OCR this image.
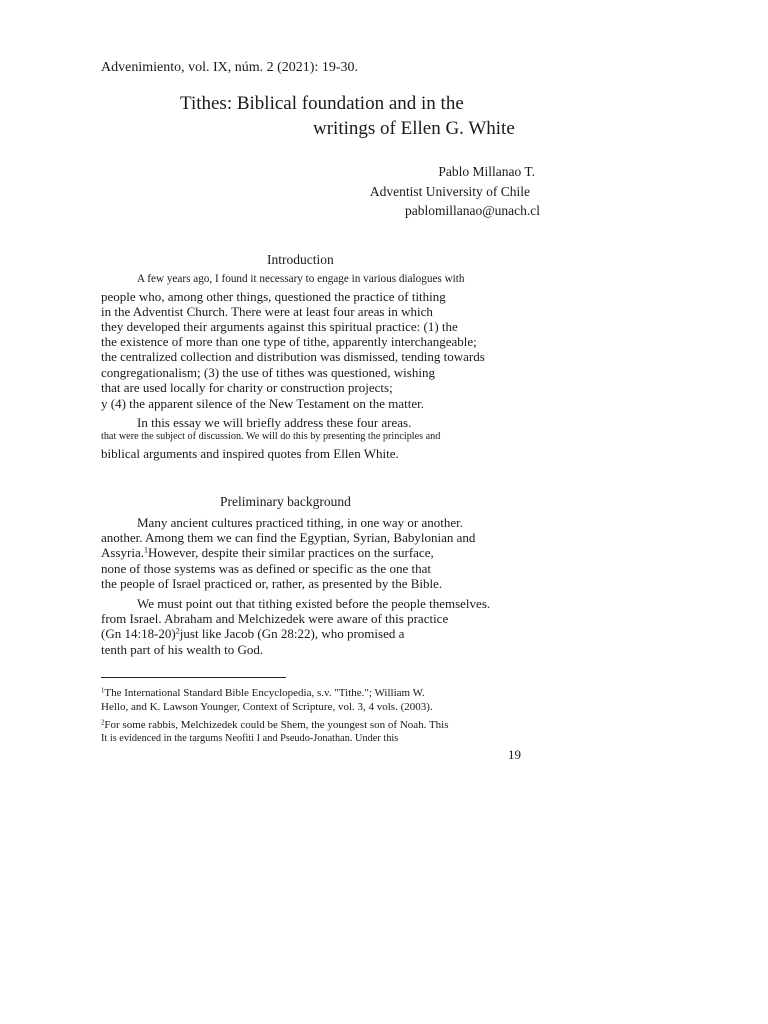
Advenimiento, vol. IX, núm. 2 (2021): 19-30.
Tithes: Biblical foundation and in the
writings of Ellen G. White
Pablo Millanao T.
Adventist University of Chile
pablomillanao@unach.cl
Introduction
A few years ago, I found it necessary to engage in various dialogues with
people who, among other things, questioned the practice of tithing
in the Adventist Church. There were at least four areas in which
they developed their arguments against this spiritual practice: (1) the
the existence of more than one type of tithe, apparently interchangeable;
the centralized collection and distribution was dismissed, tending towards
congregationalism; (3) the use of tithes was questioned, wishing
that are used locally for charity or construction projects;
y (4) the apparent silence of the New Testament on the matter.
In this essay we will briefly address these four areas.
that were the subject of discussion. We will do this by presenting the principles and
biblical arguments and inspired quotes from Ellen White.
Preliminary background
Many ancient cultures practiced tithing, in one way or another.
another. Among them we can find the Egyptian, Syrian, Babylonian and
Assyria.$^1$However, despite their similar practices on the surface,
none of those systems was as defined or specific as the one that
the people of Israel practiced or, rather, as presented by the Bible.
We must point out that tithing existed before the people themselves.
from Israel. Abraham and Melchizedek were aware of this practice
(Gn 14:18-20)$^2$just like Jacob (Gn 28:22), who promised a
tenth part of his wealth to God.
$^1$The International Standard Bible Encyclopedia, s.v. "Tithe."; William W.
Hello, and K. Lawson Younger, Context of Scripture, vol. 3, 4 vols. (2003).
$^2$For some rabbis, Melchizedek could be Shem, the youngest son of Noah. This
It is evidenced in the targums Neofiti I and Pseudo-Jonathan. Under this
19
